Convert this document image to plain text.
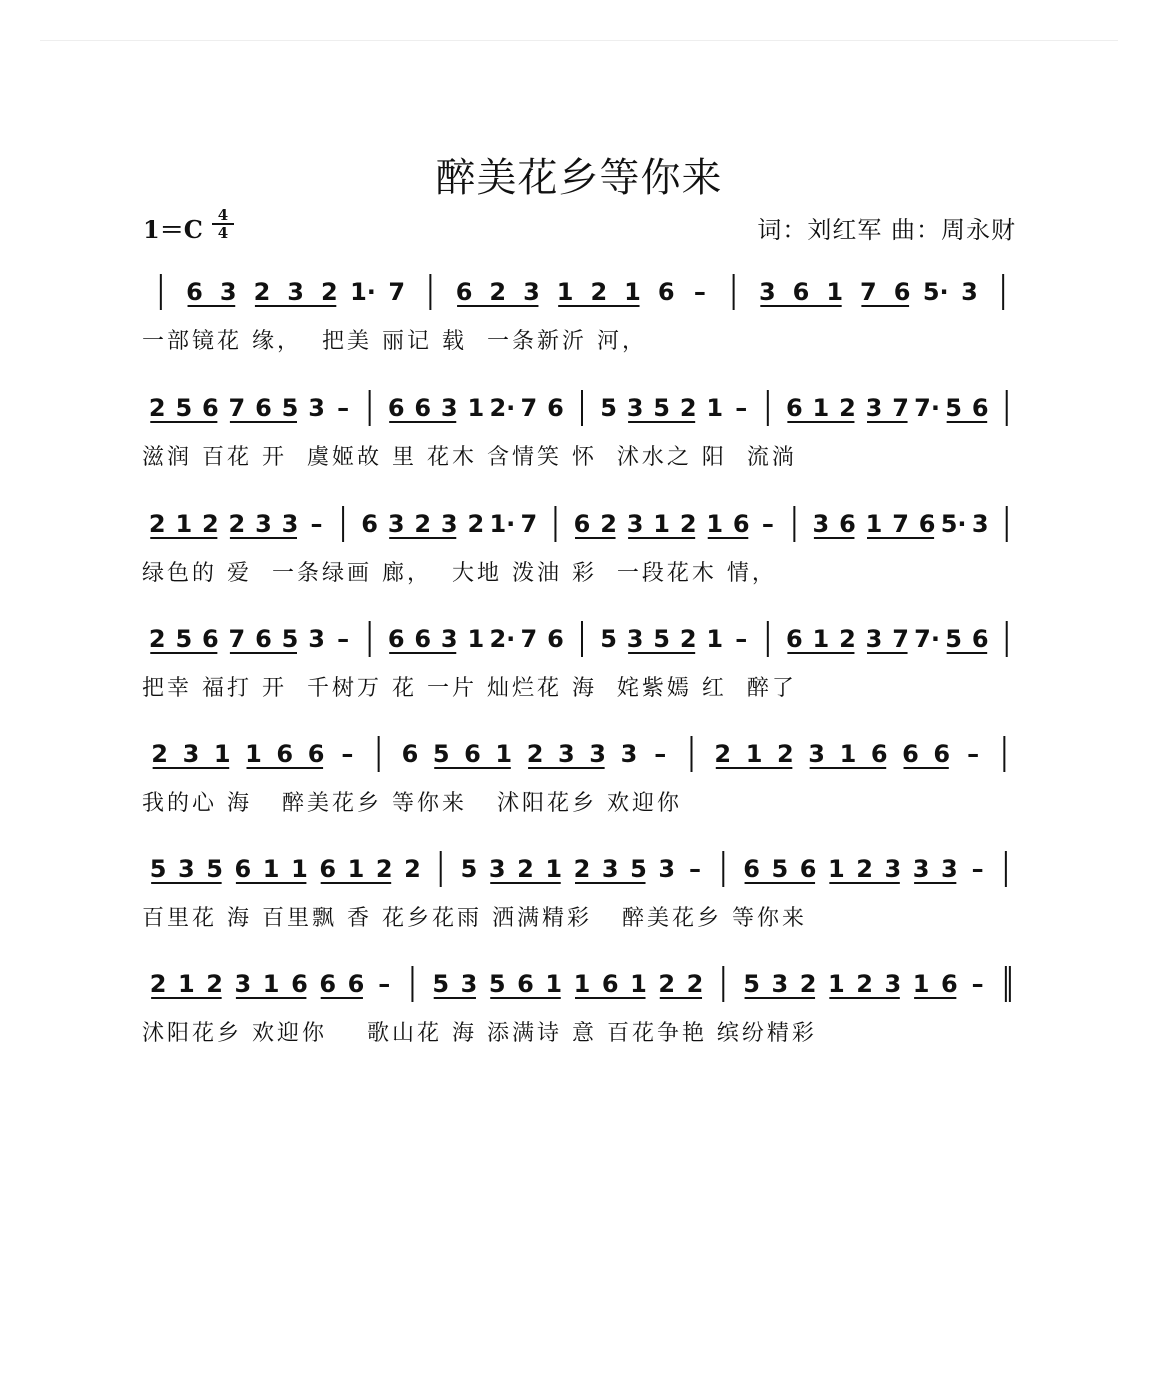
醉美花乡等你来
$1=C \frac{4}{4}$	词：刘红军 曲：周永财
6 3 2 3 2 1· 7 6 2 3 1 2 1 6 – 3 6 1 7 6 5· 3
一部镜花 缘，  把美 丽记 载  一条新沂 河，
2 5 6 7 6 5 3 – 6 6 3 1 2· 7 6 5 3 5 2 1 – 6 1 2 3 7 7· 5 6
滋润 百花 开  虞姬故 里 花木 含情笑 怀  沭水之 阳  流淌
2 1 2 2 3 3 – 6 3 2 3 2 1· 7 6 2 3 1 2 1 6 – 3 6 1 7 6 5· 3
绿色的 爱  一条绿画 廊，  大地 泼油 彩  一段花木 情，
2 5 6 7 6 5 3 – 6 6 3 1 2· 7 6 5 3 5 2 1 – 6 1 2 3 7 7· 5 6
把幸 福打 开  千树万 花 一片 灿烂花 海  姹紫嫣 红  醉了
2 3 1 1 6 6 – 6 5 6 1 2 3 3 3 – 2 1 2 3 1 6 6 6 –
我的心 海   醉美花乡 等你来   沭阳花乡 欢迎你
5 3 5 6 1 1 6 1 2 2 5 3 2 1 2 3 5 3 – 6 5 6 1 2 3 3 3 –
百里花 海 百里飘 香 花乡花雨 洒满精彩   醉美花乡 等你来
2 1 2 3 1 6 6 6 – 5 3 5 6 1 1 6 1 2 2 5 3 2 1 2 3 1 6 –
沭阳花乡 欢迎你    歌山花 海 添满诗 意 百花争艳 缤纷精彩
